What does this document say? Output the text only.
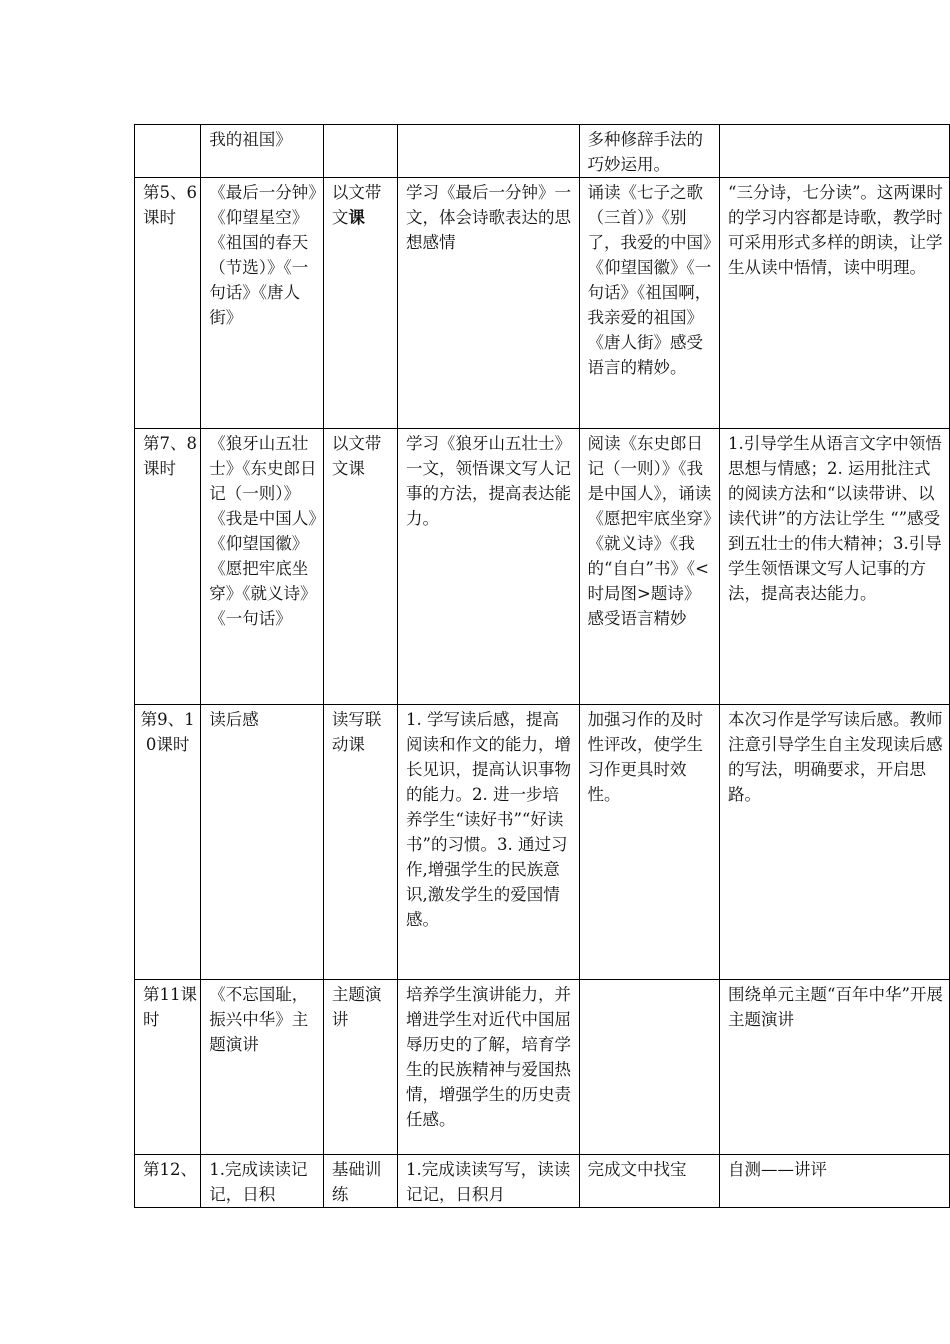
	我的祖国》			多种修辞手法的巧妙运用。	
第5、6课时	《最后一分钟》《仰望星空》《祖国的春天（节选）》《一句话》《唐人街》	以文带文课	学习《最后一分钟》一文，体会诗歌表达的思想感情	诵读《七子之歌（三首）》《别了，我爱的中国》《仰望国徽》《一句话》《祖国啊，我亲爱的祖国》《唐人街》感受语言的精妙。	“三分诗，七分读”。这两课时的学习内容都是诗歌，教学时可采用形式多样的朗读，让学生从读中悟情，读中明理。
第7、8课时	《狼牙山五壮士》《东史郎日记（一则）》《我是中国人》《仰望国徽》《愿把牢底坐穿》《就义诗》《一句话》	以文带文课	学习《狼牙山五壮士》一文，领悟课文写人记事的方法，提高表达能力。	阅读《东史郎日记（一则）》《我是中国人》，诵读《愿把牢底坐穿》《就义诗》《我的“自白”书》《<时局图>题诗》感受语言精妙	1.引导学生从语言文字中领悟思想与情感；2. 运用批注式的阅读方法和“以读带讲、以读代讲”的方法让学生 “”感受到五壮士的伟大精神；3.引导学生领悟课文写人记事的方法，提高表达能力。
第9、10课时	读后感	读写联动课	1. 学写读后感，提高阅读和作文的能力，增长见识，提高认识事物的能力。2. 进一步培养学生“读好书”“好读书”的习惯。3. 通过习作,增强学生的民族意识,激发学生的爱国情感。	加强习作的及时性评改，使学生习作更具时效性。	本次习作是学写读后感。教师注意引导学生自主发现读后感的写法，明确要求，开启思路。
第11课时	《不忘国耻，振兴中华》主题演讲	主题演讲	培养学生演讲能力，并增进学生对近代中国屈辱历史的了解，培育学生的民族精神与爱国热情，增强学生的历史责任感。		围绕单元主题“百年中华”开展主题演讲
第12、	1.完成读读记记，日积	基础训练	1.完成读读写写，读读记记，日积月	完成文中找宝	自测——讲评
